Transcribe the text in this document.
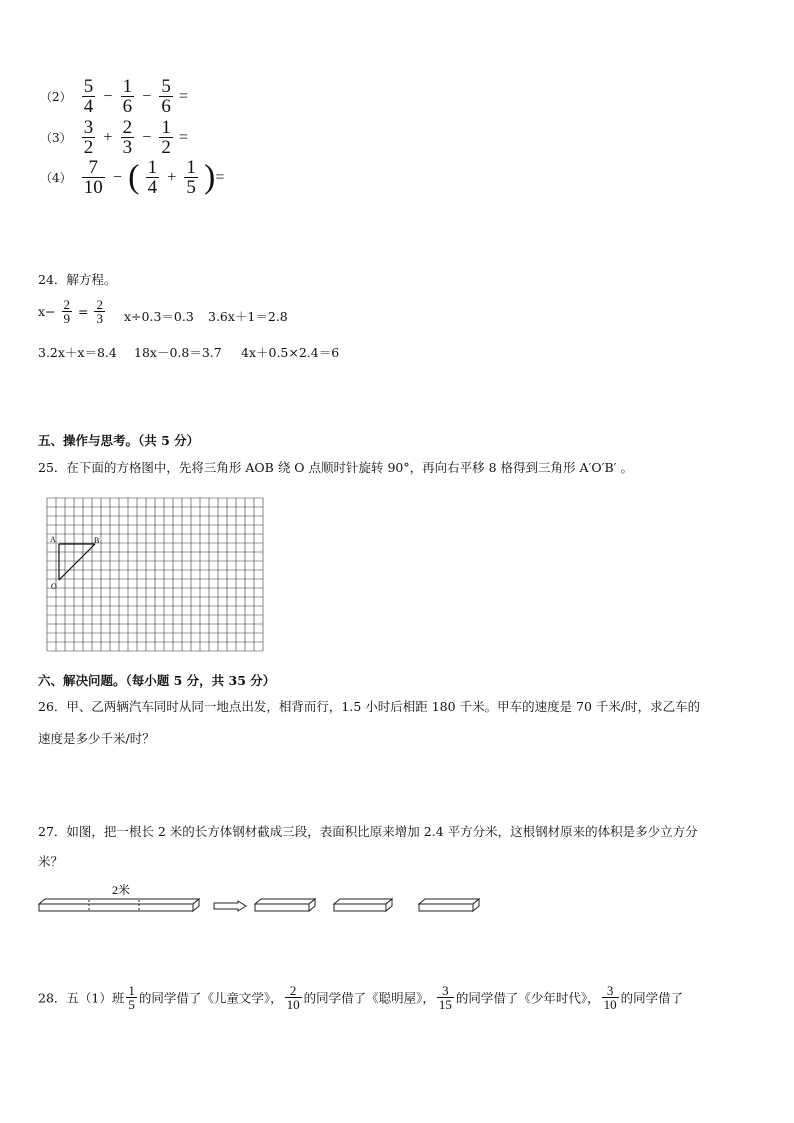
$(2) \frac{5}{4} - \frac{1}{6} - \frac{5}{6}$ =
$(3) \frac{3}{2} + \frac{2}{3} - \frac{1}{2}$ =
$(4) \frac{7}{10}$ − ( $\frac{1}{4} + \frac{1}{5}$ )=
24．解方程。
$x- \frac{2}{9} = \frac{2}{3} x\div 0.3=0.3$ 3.6x＋1＝2.8
3.2x＋x＝8.4 18x－0.8＝3.7 4x＋0.5×2.4＝6
五、操作与思考。（共 5 分）
25．在下面的方格图中，先将三角形 AOB 绕 O 点顺时针旋转 90°，再向右平移 8 格得到三角形 A′O′B′ 。
A	B
O
六、解决问题。（每小题 5 分，共 35 分）
26．甲、乙两辆汽车同时从同一地点出发，相背而行，1.5 小时后相距 180 千米。甲车的速度是 70 千米/时，求乙车的
速度是多少千米/时？
27．如图，把一根长 2 米的长方体钢材截成三段，表面积比原来增加 2.4 平方分米，这根钢材原来的体积是多少立方分
米？
2米
28．五（1）班 $\frac{1}{5}$ 的同学借了《儿童文学》， $\frac{2}{10}$ 的同学借了《聪明屋》， $\frac{3}{15}$ 的同学借了《少年时代》， $\frac{3}{10}$ 的同学借了
